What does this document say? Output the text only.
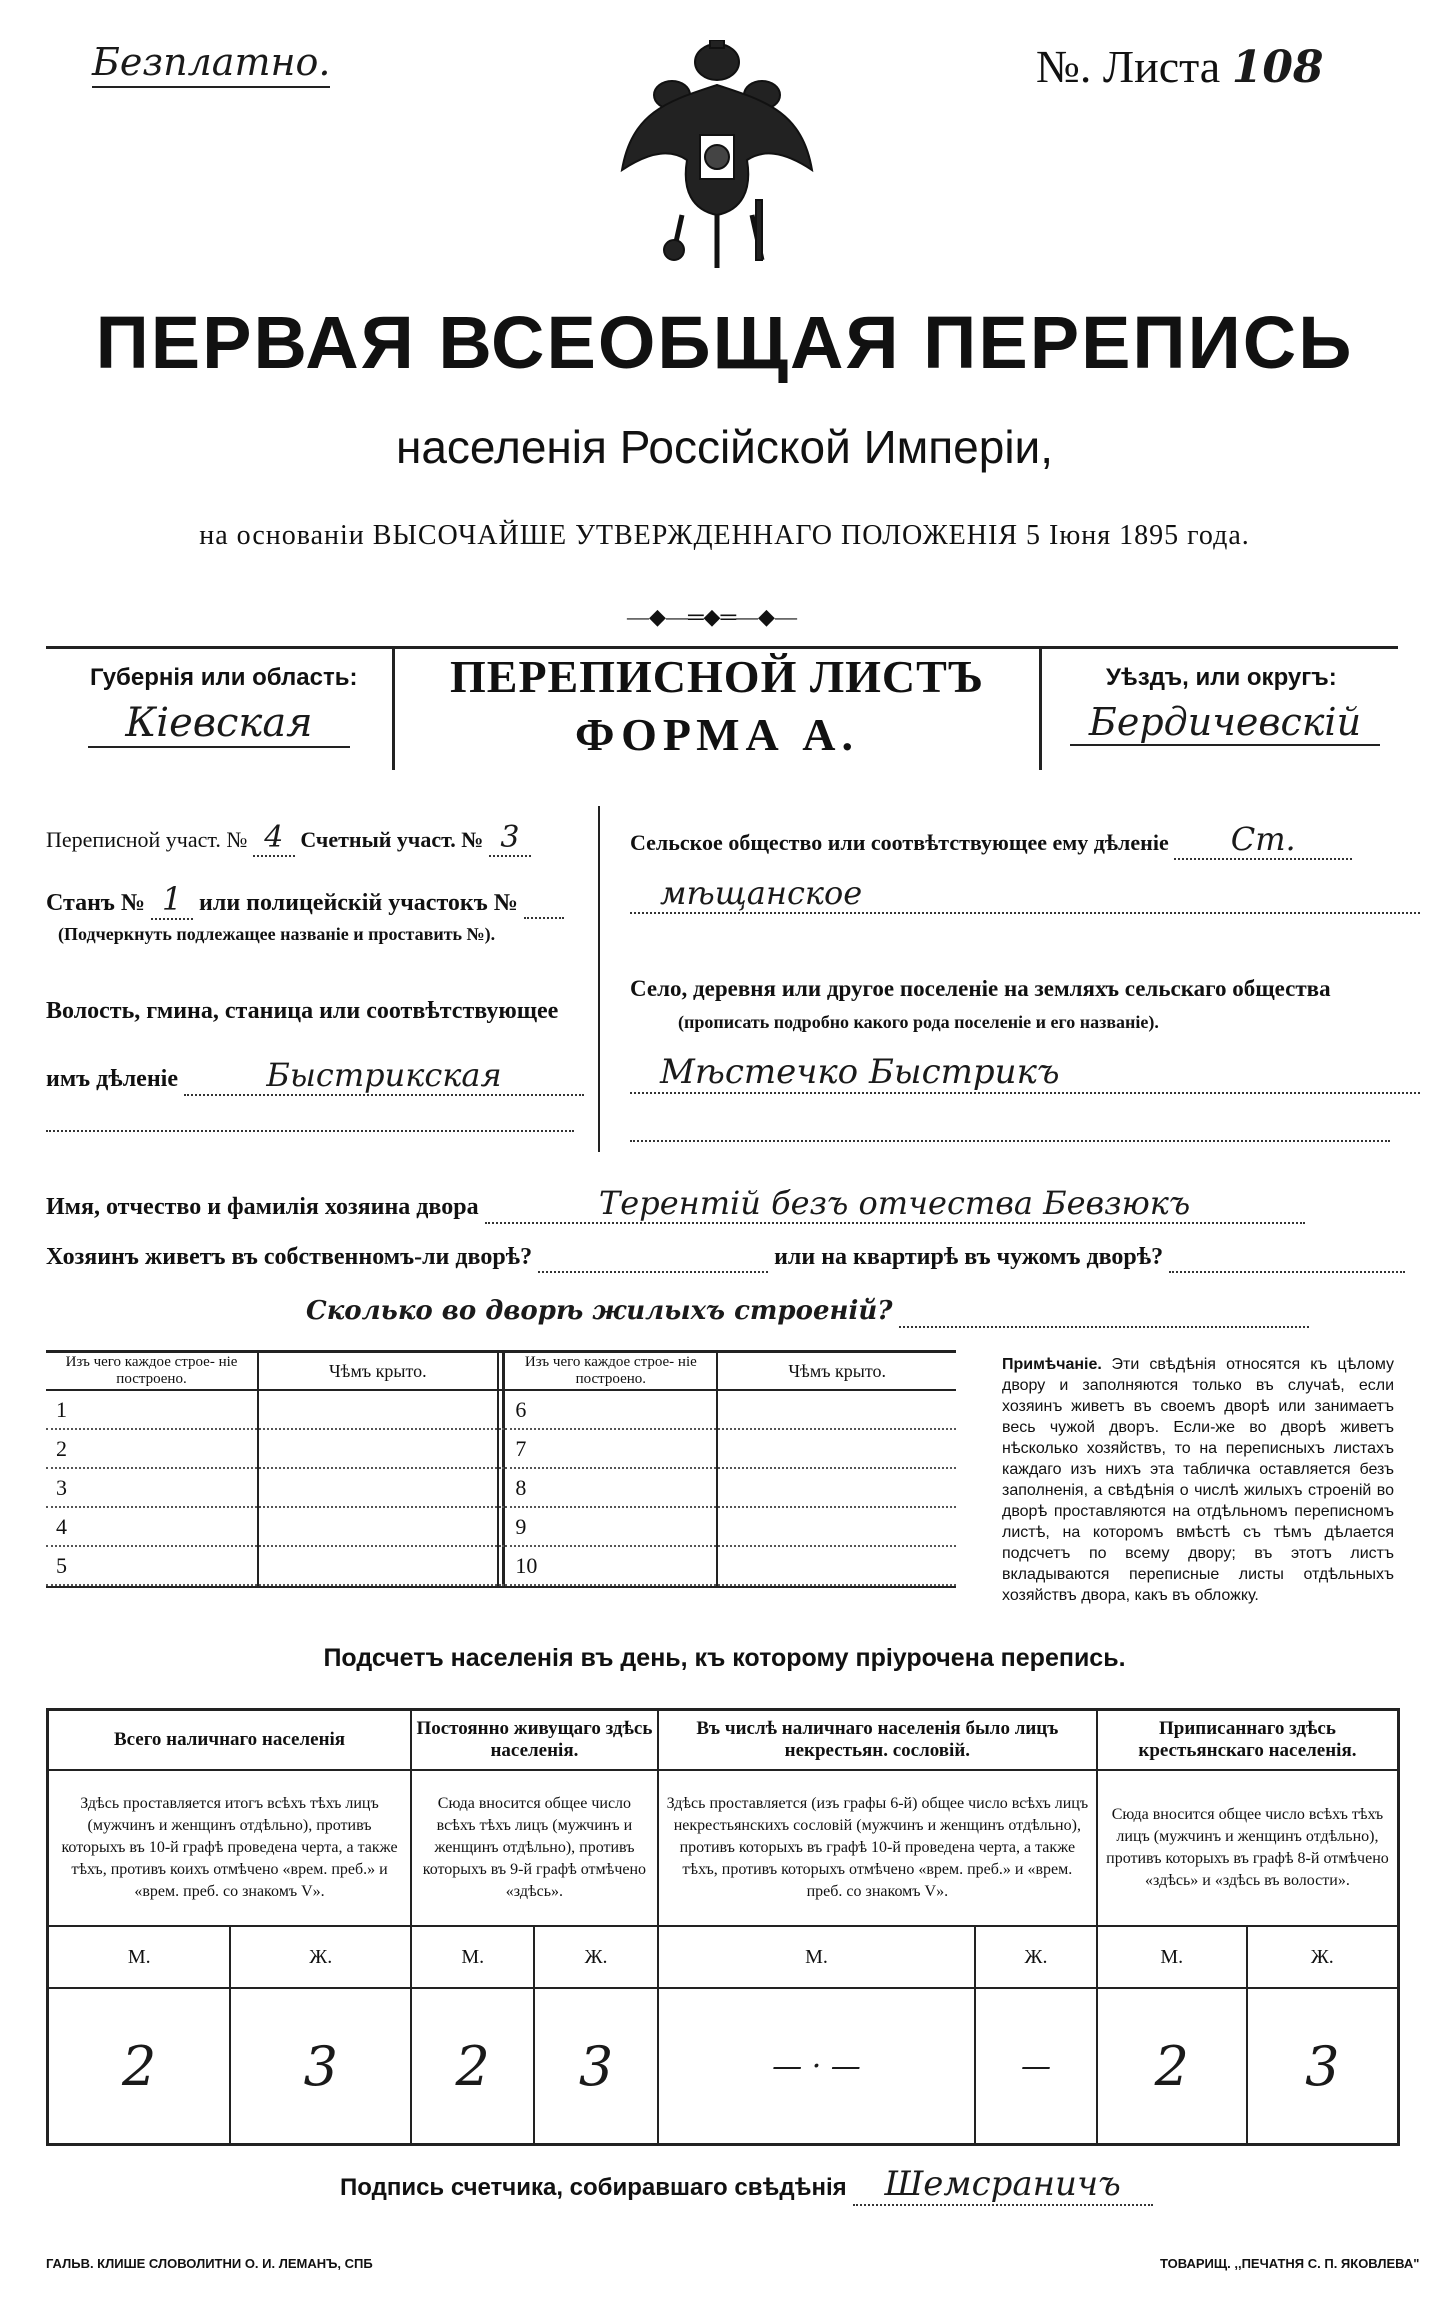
Безплатно.	№. Листа 108
ПЕРВАЯ ВСЕОБЩАЯ ПЕРЕПИСЬ
населенія Россійской Имперіи,
на основаніи ВЫСОЧАЙШЕ УТВЕРЖДЕННАГО ПОЛОЖЕНІЯ 5 Іюня 1895 года.
—◆—═◆═—◆—
Губернія или область:
Кіевская
ПЕРЕПИСНОЙ ЛИСТЪ
ФОРМА А.
Уѣздъ, или округъ:
Бердичевскій
Переписной участ. № 4 Счетный участ. № 3
Станъ № 1 или полицейскій участокъ №
(Подчеркнуть подлежащее названіе и проставить №).
Волость, гмина, станица или соотвѣтствующее
имъ дѣленіе	Быстрикская
Сельское общество или соотвѣтствующее ему дѣленіе Ст.
мѣщанское
Село, деревня или другое поселеніе на земляхъ сельскаго общества
(прописать подробно какого рода поселеніе и его названіе).
Мѣстечко Быстрикъ
Имя, отчество и фамилія хозяина двора	Терентій безъ отчества Бевзюкъ
Хозяинъ живетъ въ собственномъ-ли дворѣ?	или на квартирѣ въ чужомъ дворѣ?
Сколько во дворѣ жилыхъ строеній?
Изъ чего каждое строе- ніе построено.	Чѣмъ крыто.		Изъ чего каждое строе- ніе построено.	Чѣмъ крыто.
1			6	
2			7	
3			8	
4			9	
5			10	
Примѣчаніе. Эти свѣдѣнія относятся къ цѣлому двору и заполняются только въ случаѣ, если хозяинъ живетъ въ своемъ дворѣ или занимаетъ весь чужой дворъ. Если-же во дворѣ живетъ нѣсколько хозяйствъ, то на переписныхъ листахъ каждаго изъ нихъ эта табличка оставляется безъ заполненія, а свѣдѣнія о числѣ жилыхъ строеній во дворѣ проставляются на отдѣльномъ переписномъ листѣ, на которомъ вмѣстѣ съ тѣмъ дѣлается подсчетъ по всему двору; въ этотъ листъ вкладываются переписные листы отдѣльныхъ хозяйствъ двора, какъ въ обложку.
Подсчетъ населенія въ день, къ которому пріурочена перепись.
Всего наличнаго населенія		Постоянно живущаго здѣсь населенія.		Въ числѣ наличнаго населенія было лицъ некрестьян. сословій.		Приписаннаго здѣсь крестьянскаго населенія.	
Здѣсь проставляется итогъ всѣхъ тѣхъ лицъ (мужчинъ и женщинъ отдѣльно), противъ которыхъ въ 10-й графѣ проведена черта, а также тѣхъ, противъ коихъ отмѣчено «врем. преб.» и «врем. преб. со знакомъ V».		Сюда вносится общее число всѣхъ тѣхъ лицъ (мужчинъ и женщинъ отдѣльно), противъ которыхъ въ 9-й графѣ отмѣчено «здѣсь».		Здѣсь проставляется (изъ графы 6-й) общее число всѣхъ лицъ некрестьянскихъ сословій (мужчинъ и женщинъ отдѣльно), противъ которыхъ въ графѣ 10-й проведена черта, а также тѣхъ, противъ которыхъ отмѣчено «врем. преб.» и «врем. преб. со знакомъ V».		Сюда вносится общее число всѣхъ тѣхъ лицъ (мужчинъ и женщинъ отдѣльно), противъ которыхъ въ графѣ 8-й отмѣчено «здѣсь» и «здѣсь въ волости».	
М.	Ж.	М.	Ж.	М.	Ж.	М.	Ж.
2	3	2	3	— · —	—	2	3
Подпись счетчика, собиравшаго свѣдѣнія Шемсраничъ
ГАЛЬВ. КЛИШЕ СЛОВОЛИТНИ О. И. ЛЕМАНЪ, СПБ	ТОВАРИЩ. ,,ПЕЧАТНЯ С. П. ЯКОВЛЕВА"
